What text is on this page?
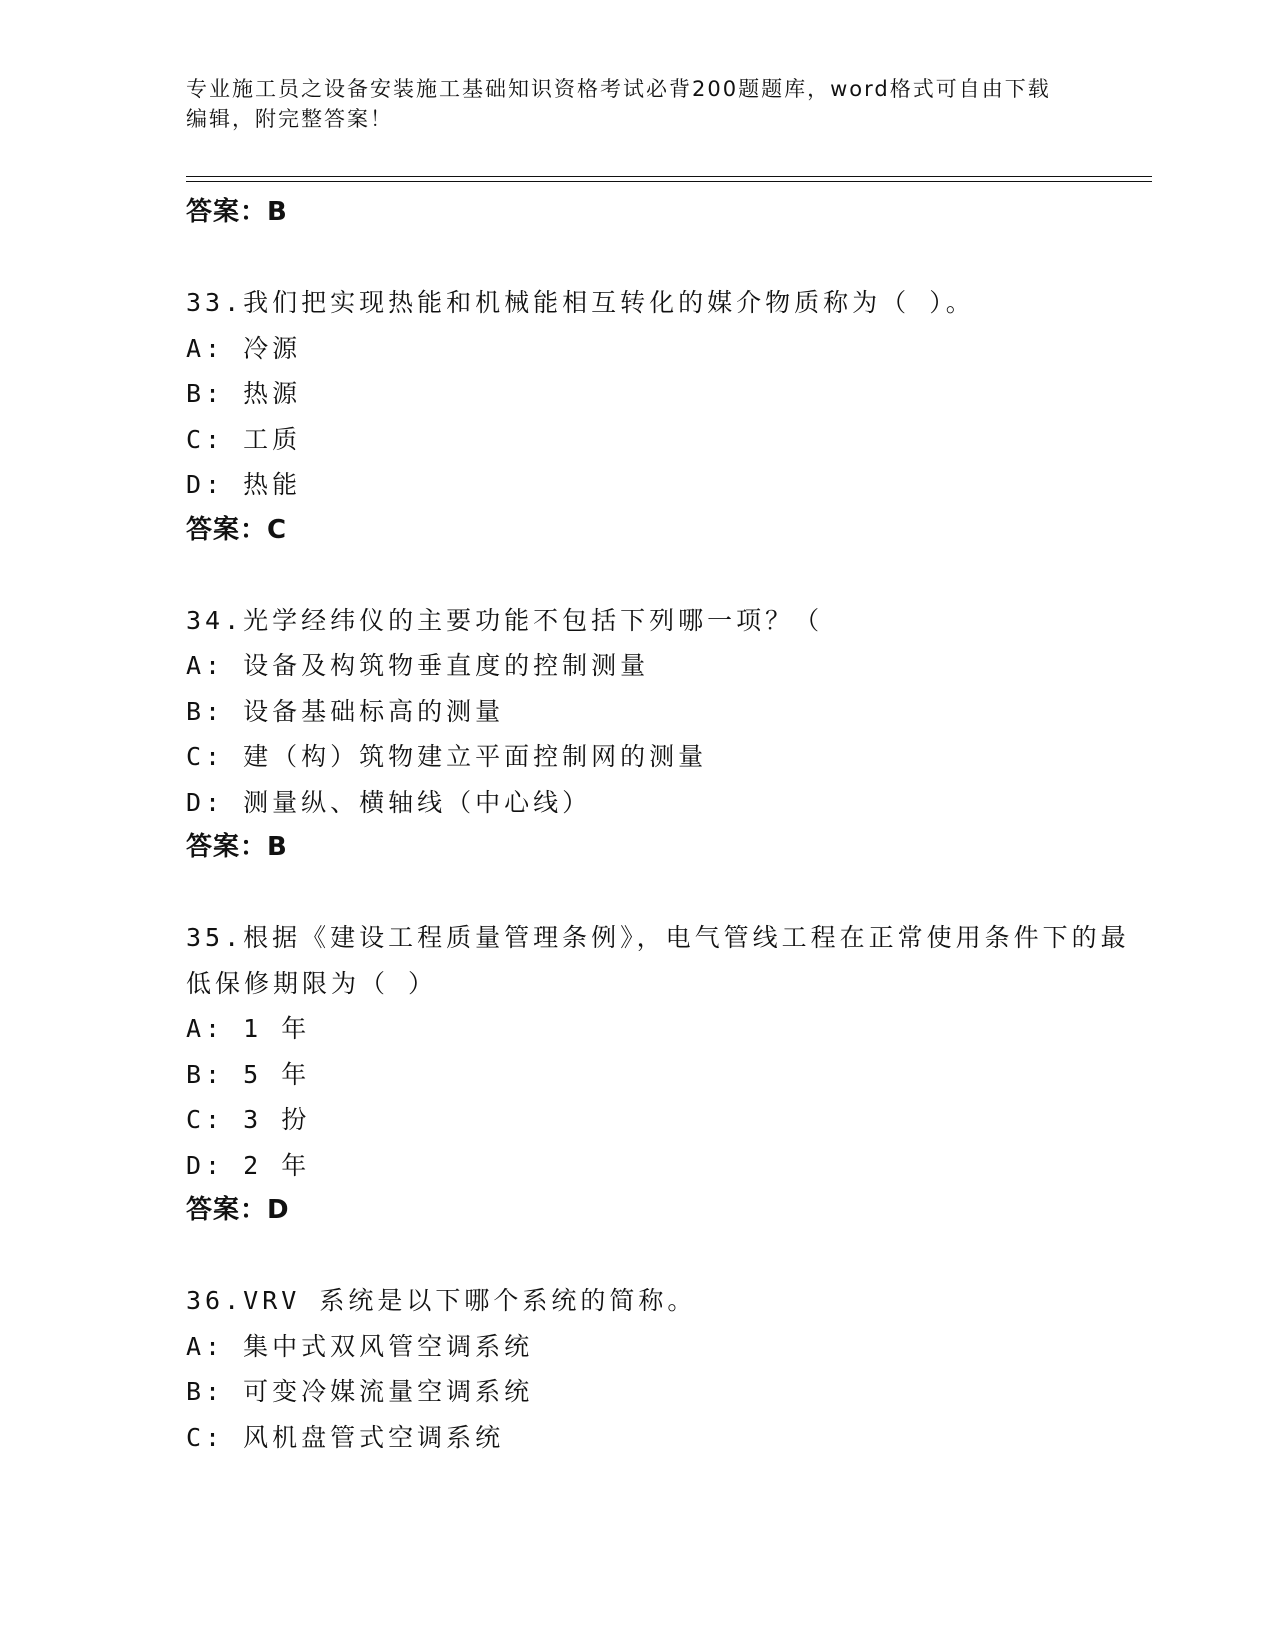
专业施工员之设备安装施工基础知识资格考试必背200题题库，word格式可自由下载编辑，附完整答案！
答案：B
33.我们把实现热能和机械能相互转化的媒介物质称为（ ）。
A: 冷源
B: 热源
C: 工质
D: 热能
答案：C
34.光学经纬仪的主要功能不包括下列哪一项？（
A: 设备及构筑物垂直度的控制测量
B: 设备基础标高的测量
C: 建（构）筑物建立平面控制网的测量
D: 测量纵、横轴线（中心线）
答案：B
35.根据《建设工程质量管理条例》，电气管线工程在正常使用条件下的最低保修期限为（ ）
A: 1 年
B: 5 年
C: 3 扮
D: 2 年
答案：D
36.VRV 系统是以下哪个系统的简称。
A: 集中式双风管空调系统
B: 可变冷媒流量空调系统
C: 风机盘管式空调系统
